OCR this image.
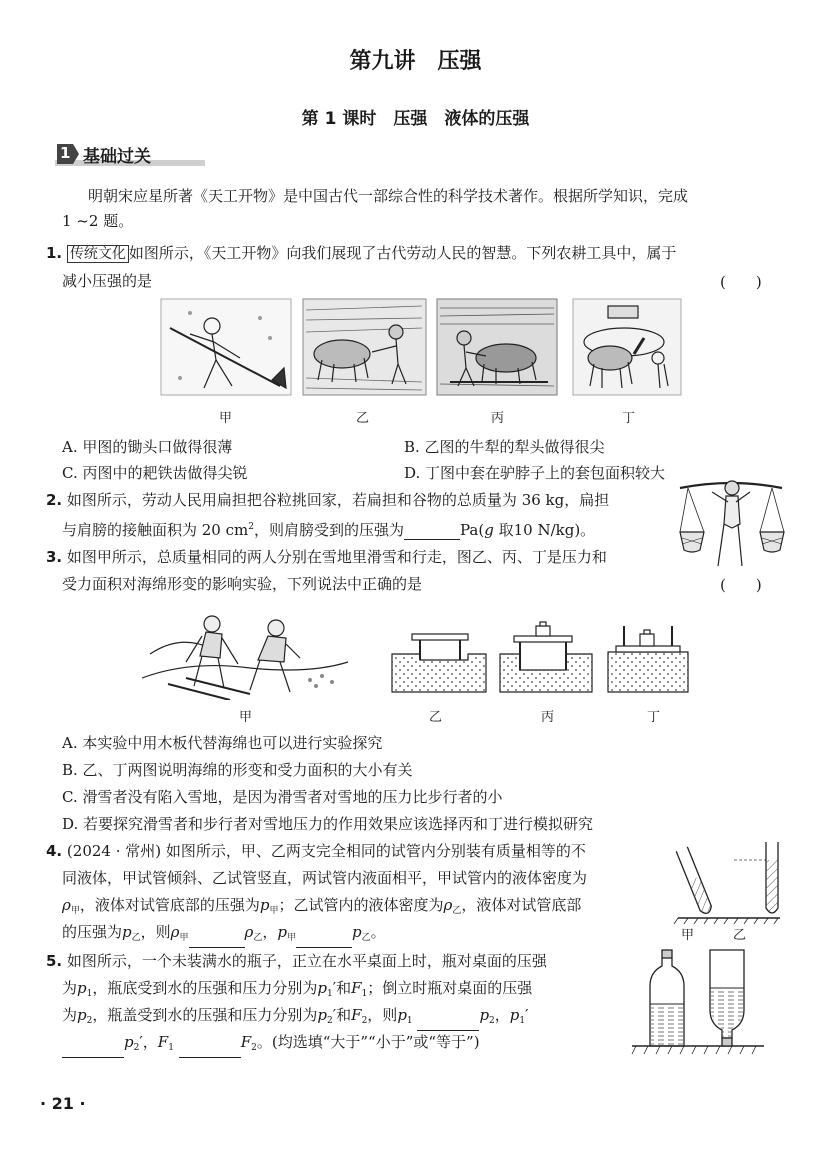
第九讲　压强
第 1 课时　压强　液体的压强
1 基础过关
明朝宋应星所著《天工开物》是中国古代一部综合性的科学技术著作。根据所学知识，完成
1 ~2 题。
1. 传统文化 如图所示，《天工开物》向我们展现了古代劳动人民的智慧。下列农耕工具中，属于
减小压强的是	(　　)
甲	乙	丙	丁
A. 甲图的锄头口做得很薄	B. 乙图的牛犁的犁头做得很尖
C. 丙图中的耙铁齿做得尖锐	D. 丁图中套在驴脖子上的套包面积较大
2. 如图所示，劳动人民用扁担把谷粒挑回家，若扁担和谷物的总质量为 36 kg，扁担
与肩膀的接触面积为 20 $cm^2$，则肩膀受到的压强为	Pa(g 取10 N/kg)。
3. 如图甲所示，总质量相同的两人分别在雪地里滑雪和行走，图乙、丙、丁是压力和
受力面积对海绵形变的影响实验，下列说法中正确的是	(　　)
甲	乙	丙	丁
A. 本实验中用木板代替海绵也可以进行实验探究
B. 乙、丁两图说明海绵的形变和受力面积的大小有关
C. 滑雪者没有陷入雪地，是因为滑雪者对雪地的压力比步行者的小
D. 若要探究滑雪者和步行者对雪地压力的作用效果应该选择丙和丁进行模拟研究
4. (2024 · 常州) 如图所示，甲、乙两支完全相同的试管内分别装有质量相等的不
同液体，甲试管倾斜、乙试管竖直，两试管内液面相平，甲试管内的液体密度为
$\rho_甲$，液体对试管底部的压强为$p_甲$；乙试管内的液体密度为$\rho_乙$，液体对试管底部
的压强为$p_乙$，则$\rho_甲$	$\rho_乙$，$p_甲$	$p_乙$。	甲	乙
5. 如图所示，一个未装满水的瓶子，正立在水平桌面上时，瓶对桌面的压强
为$p_1$，瓶底受到水的压强和压力分别为$p_1'$和$F_1$；倒立时瓶对桌面的压强
为$p_2$，瓶盖受到水的压强和压力分别为$p_2'$和$F_2$，则$p_1$	$p_2$，$p_1'$
$p_2'$，$F_1$	$F_2$。(均选填“大于”“小于”或“等于”)
· 21 ·
